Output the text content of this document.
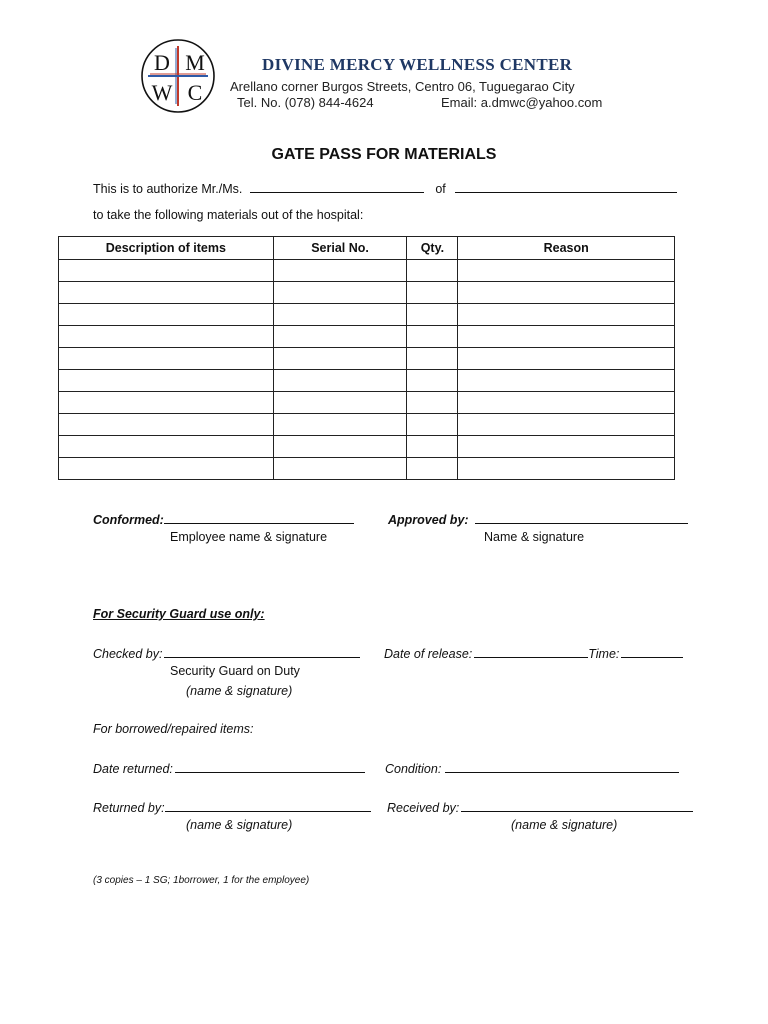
D M
W C
DIVINE MERCY WELLNESS CENTER
Arellano corner Burgos Streets, Centro 06, Tuguegarao City
Tel. No. (078) 844-4624	Email: a.dmwc@yahoo.com
GATE PASS FOR MATERIALS
This is to authorize Mr./Ms.	of
to take the following materials out of the hospital:
Description of items	Serial No.	Qty.	Reason

Conformed:
Employee name & signature
Approved by:
Name & signature
For Security Guard use only:
Checked by:
Security Guard on Duty
(name & signature)
Date of release:	Time:
For borrowed/repaired items:
Date returned:	Condition:
Returned by:
(name & signature)
Received by:
(name & signature)
(3 copies – 1 SG; 1borrower, 1 for the employee)
